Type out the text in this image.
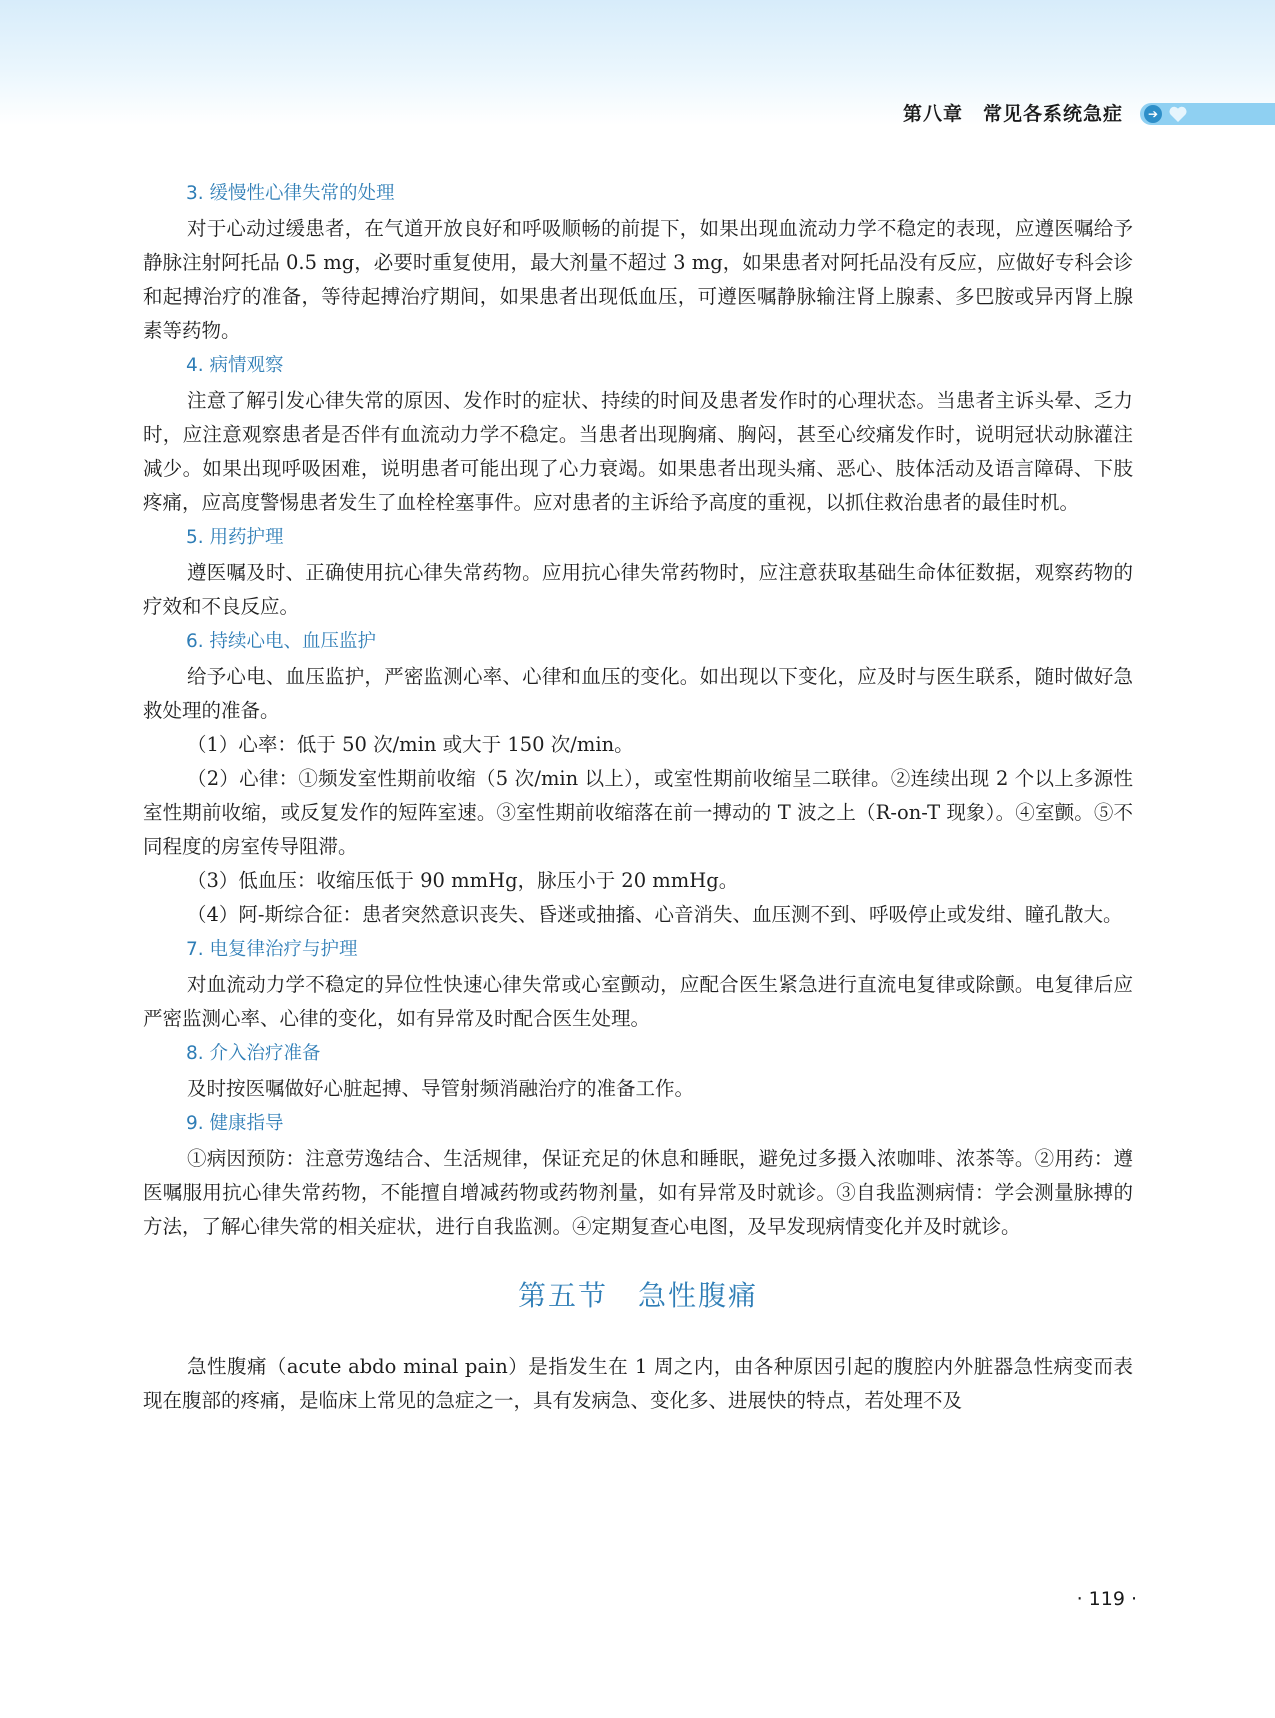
第八章　常见各系统急症	➔
3. 缓慢性心律失常的处理

对于心动过缓患者，在气道开放良好和呼吸顺畅的前提下，如果出现血流动力学不稳定的表现，应遵医嘱给予静脉注射阿托品 0.5 mg，必要时重复使用，最大剂量不超过 3 mg，如果患者对阿托品没有反应，应做好专科会诊和起搏治疗的准备，等待起搏治疗期间，如果患者出现低血压，可遵医嘱静脉输注肾上腺素、多巴胺或异丙肾上腺素等药物。

4. 病情观察

注意了解引发心律失常的原因、发作时的症状、持续的时间及患者发作时的心理状态。当患者主诉头晕、乏力时，应注意观察患者是否伴有血流动力学不稳定。当患者出现胸痛、胸闷，甚至心绞痛发作时，说明冠状动脉灌注减少。如果出现呼吸困难，说明患者可能出现了心力衰竭。如果患者出现头痛、恶心、肢体活动及语言障碍、下肢疼痛，应高度警惕患者发生了血栓栓塞事件。应对患者的主诉给予高度的重视，以抓住救治患者的最佳时机。

5. 用药护理

遵医嘱及时、正确使用抗心律失常药物。应用抗心律失常药物时，应注意获取基础生命体征数据，观察药物的疗效和不良反应。

6. 持续心电、血压监护

给予心电、血压监护，严密监测心率、心律和血压的变化。如出现以下变化，应及时与医生联系，随时做好急救处理的准备。

（1）心率：低于 50 次/min 或大于 150 次/min。

（2）心律：①频发室性期前收缩（5 次/min 以上），或室性期前收缩呈二联律。②连续出现 2 个以上多源性室性期前收缩，或反复发作的短阵室速。③室性期前收缩落在前一搏动的 T 波之上（R-on-T 现象）。④室颤。⑤不同程度的房室传导阻滞。

（3）低血压：收缩压低于 90 mmHg，脉压小于 20 mmHg。

（4）阿-斯综合征：患者突然意识丧失、昏迷或抽搐、心音消失、血压测不到、呼吸停止或发绀、瞳孔散大。

7. 电复律治疗与护理

对血流动力学不稳定的异位性快速心律失常或心室颤动，应配合医生紧急进行直流电复律或除颤。电复律后应严密监测心率、心律的变化，如有异常及时配合医生处理。

8. 介入治疗准备

及时按医嘱做好心脏起搏、导管射频消融治疗的准备工作。

9. 健康指导

①病因预防：注意劳逸结合、生活规律，保证充足的休息和睡眠，避免过多摄入浓咖啡、浓茶等。②用药：遵医嘱服用抗心律失常药物，不能擅自增减药物或药物剂量，如有异常及时就诊。③自我监测病情：学会测量脉搏的方法，了解心律失常的相关症状，进行自我监测。④定期复查心电图，及早发现病情变化并及时就诊。

第五节　急性腹痛

急性腹痛（acute abdo minal pain）是指发生在 1 周之内，由各种原因引起的腹腔内外脏器急性病变而表现在腹部的疼痛，是临床上常见的急症之一，具有发病急、变化多、进展快的特点，若处理不及

· 119 ·
